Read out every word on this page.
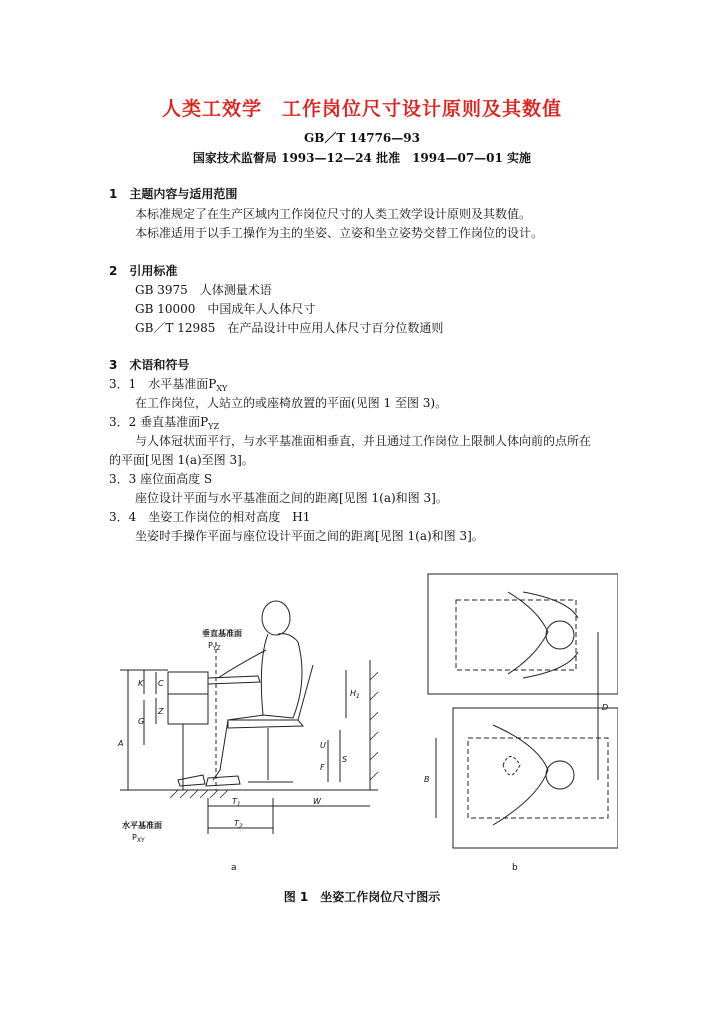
人类工效学　工作岗位尺寸设计原则及其数值
GB／T 14776—93
国家技术监督局 1993—12—24 批准　1994—07—01 实施
1　主题内容与适用范围
本标准规定了在生产区域内工作岗位尺寸的人类工效学设计原则及其数值。
本标准适用于以手工操作为主的坐姿、立姿和坐立姿势交替工作岗位的设计。
2　引用标准
GB 3975　人体测量术语
GB 10000　中国成年人人体尺寸
GB／T 12985　在产品设计中应用人体尺寸百分位数通则
3　术语和符号
3．1　水平基准面$P_{XY}$
在工作岗位，人站立的或座椅放置的平面(见图 1 至图 3)。
3．2 垂直基准面$P_{YZ}$
与人体冠状面平行，与水平基准面相垂直，并且通过工作岗位上限制人体向前的点所在
的平面[见图 1(a)至图 3]。
3．3 座位面高度 S
座位设计平面与水平基准面之间的距离[见图 1(a)和图 3]。
3．4　坐姿工作岗位的相对高度　H1
坐姿时手操作平面与座位设计平面之间的距离[见图 1(a)和图 3]。
垂直基准面
$P_{YZ}$
水平基准面
$P_{XY}$
K C
Z
G
A
$H_1$
U
S
F
$T_1$	W
$T_2$
D
B
a	b
图 1　坐姿工作岗位尺寸图示
